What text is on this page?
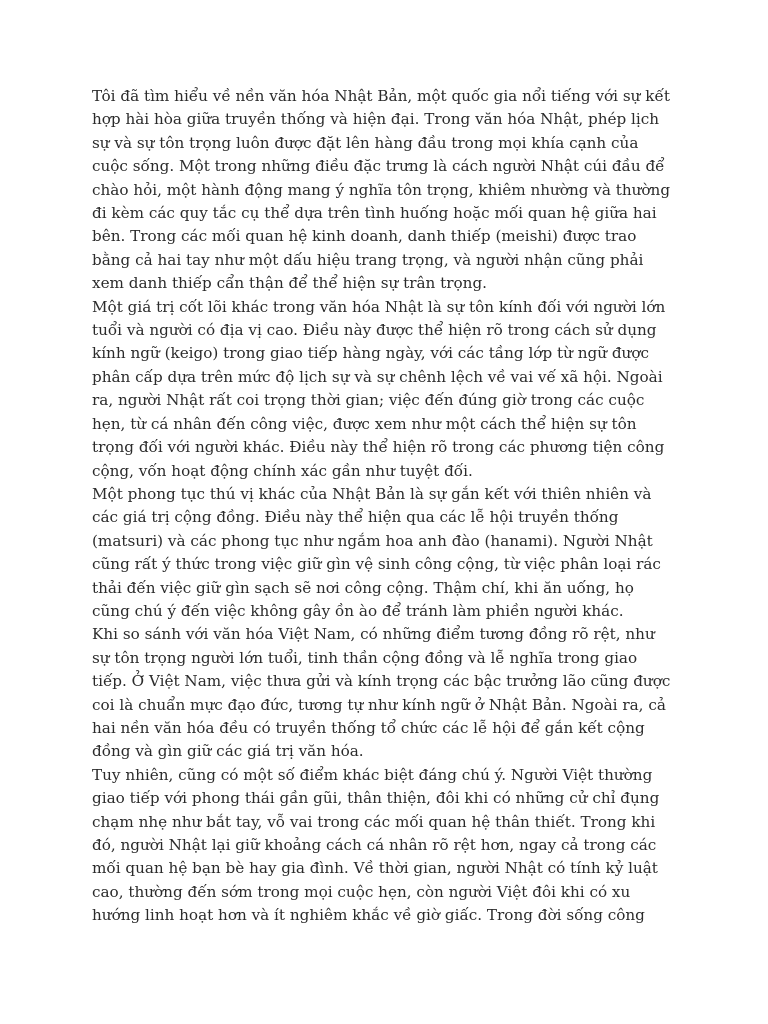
Tôi đã tìm hiểu về nền văn hóa Nhật Bản, một quốc gia nổi tiếng với sự kết
hợp hài hòa giữa truyền thống và hiện đại. Trong văn hóa Nhật, phép lịch
sự và sự tôn trọng luôn được đặt lên hàng đầu trong mọi khía cạnh của
cuộc sống. Một trong những điều đặc trưng là cách người Nhật cúi đầu để
chào hỏi, một hành động mang ý nghĩa tôn trọng, khiêm nhường và thường
đi kèm các quy tắc cụ thể dựa trên tình huống hoặc mối quan hệ giữa hai
bên. Trong các mối quan hệ kinh doanh, danh thiếp (meishi) được trao
bằng cả hai tay như một dấu hiệu trang trọng, và người nhận cũng phải
xem danh thiếp cẩn thận để thể hiện sự trân trọng.

Một giá trị cốt lõi khác trong văn hóa Nhật là sự tôn kính đối với người lớn
tuổi và người có địa vị cao. Điều này được thể hiện rõ trong cách sử dụng
kính ngữ (keigo) trong giao tiếp hàng ngày, với các tầng lớp từ ngữ được
phân cấp dựa trên mức độ lịch sự và sự chênh lệch về vai vế xã hội. Ngoài
ra, người Nhật rất coi trọng thời gian; việc đến đúng giờ trong các cuộc
hẹn, từ cá nhân đến công việc, được xem như một cách thể hiện sự tôn
trọng đối với người khác. Điều này thể hiện rõ trong các phương tiện công
cộng, vốn hoạt động chính xác gần như tuyệt đối.

Một phong tục thú vị khác của Nhật Bản là sự gắn kết với thiên nhiên và
các giá trị cộng đồng. Điều này thể hiện qua các lễ hội truyền thống
(matsuri) và các phong tục như ngắm hoa anh đào (hanami). Người Nhật
cũng rất ý thức trong việc giữ gìn vệ sinh công cộng, từ việc phân loại rác
thải đến việc giữ gìn sạch sẽ nơi công cộng. Thậm chí, khi ăn uống, họ
cũng chú ý đến việc không gây ồn ào để tránh làm phiền người khác.

Khi so sánh với văn hóa Việt Nam, có những điểm tương đồng rõ rệt, như
sự tôn trọng người lớn tuổi, tinh thần cộng đồng và lễ nghĩa trong giao
tiếp. Ở Việt Nam, việc thưa gửi và kính trọng các bậc trưởng lão cũng được
coi là chuẩn mực đạo đức, tương tự như kính ngữ ở Nhật Bản. Ngoài ra, cả
hai nền văn hóa đều có truyền thống tổ chức các lễ hội để gắn kết cộng
đồng và gìn giữ các giá trị văn hóa.

Tuy nhiên, cũng có một số điểm khác biệt đáng chú ý. Người Việt thường
giao tiếp với phong thái gần gũi, thân thiện, đôi khi có những cử chỉ đụng
chạm nhẹ như bắt tay, vỗ vai trong các mối quan hệ thân thiết. Trong khi
đó, người Nhật lại giữ khoảng cách cá nhân rõ rệt hơn, ngay cả trong các
mối quan hệ bạn bè hay gia đình. Về thời gian, người Nhật có tính kỷ luật
cao, thường đến sớm trong mọi cuộc hẹn, còn người Việt đôi khi có xu
hướng linh hoạt hơn và ít nghiêm khắc về giờ giấc. Trong đời sống công
